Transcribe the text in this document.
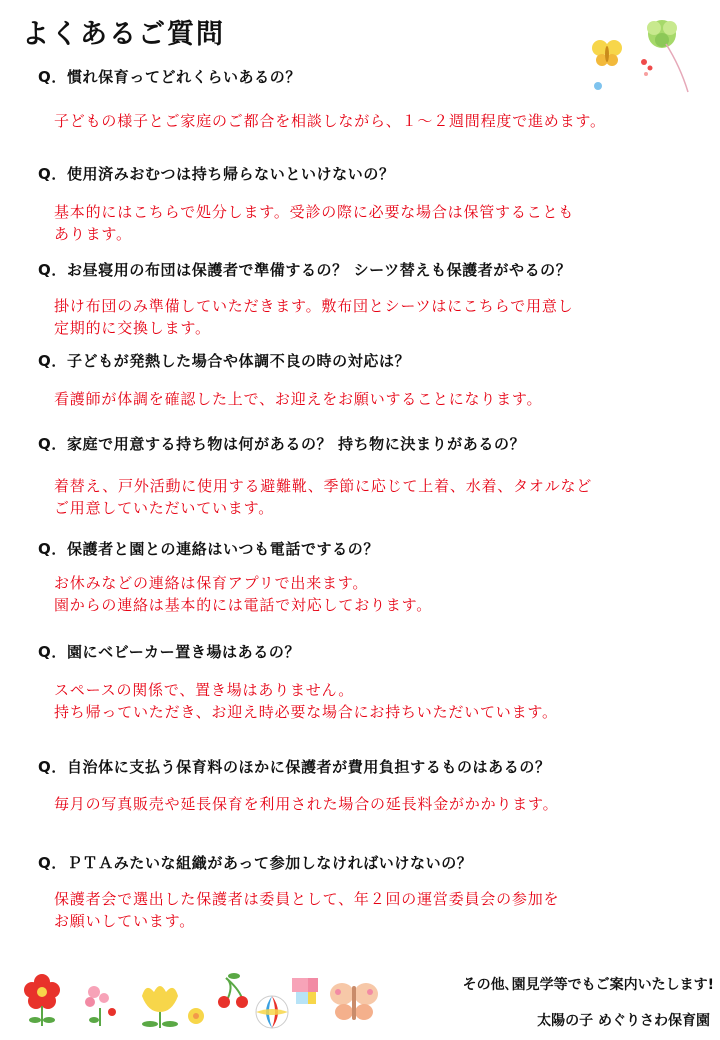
よくあるご質問
Q．慣れ保育ってどれくらいあるの？
子どもの様子とご家庭のご都合を相談しながら、１～２週間程度で進めます。
Q．使用済みおむつは持ち帰らないといけないの？
基本的にはこちらで処分します。受診の際に必要な場合は保管することも
あります。
Q．お昼寝用の布団は保護者で準備するの？ シーツ替えも保護者がやるの？
掛け布団のみ準備していただきます。敷布団とシーツはにこちらで用意し
定期的に交換します。
Q．子どもが発熱した場合や体調不良の時の対応は？
看護師が体調を確認した上で、お迎えをお願いすることになります。
Q．家庭で用意する持ち物は何があるの？ 持ち物に決まりがあるの？
着替え、戸外活動に使用する避難靴、季節に応じて上着、水着、タオルなど
ご用意していただいています。
Q．保護者と園との連絡はいつも電話でするの？
お休みなどの連絡は保育アプリで出来ます。
園からの連絡は基本的には電話で対応しております。
Q．園にベビーカー置き場はあるの？
スペースの関係で、置き場はありません。
持ち帰っていただき、お迎え時必要な場合にお持ちいただいています。
Q．自治体に支払う保育料のほかに保護者が費用負担するものはあるの？
毎月の写真販売や延長保育を利用された場合の延長料金がかかります。
Q．ＰＴＡみたいな組織があって参加しなければいけないの？
保護者会で選出した保護者は委員として、年２回の運営委員会の参加を
お願いしています。
その他､園見学等でもご案内いたします!
太陽の子 めぐりさわ保育園
